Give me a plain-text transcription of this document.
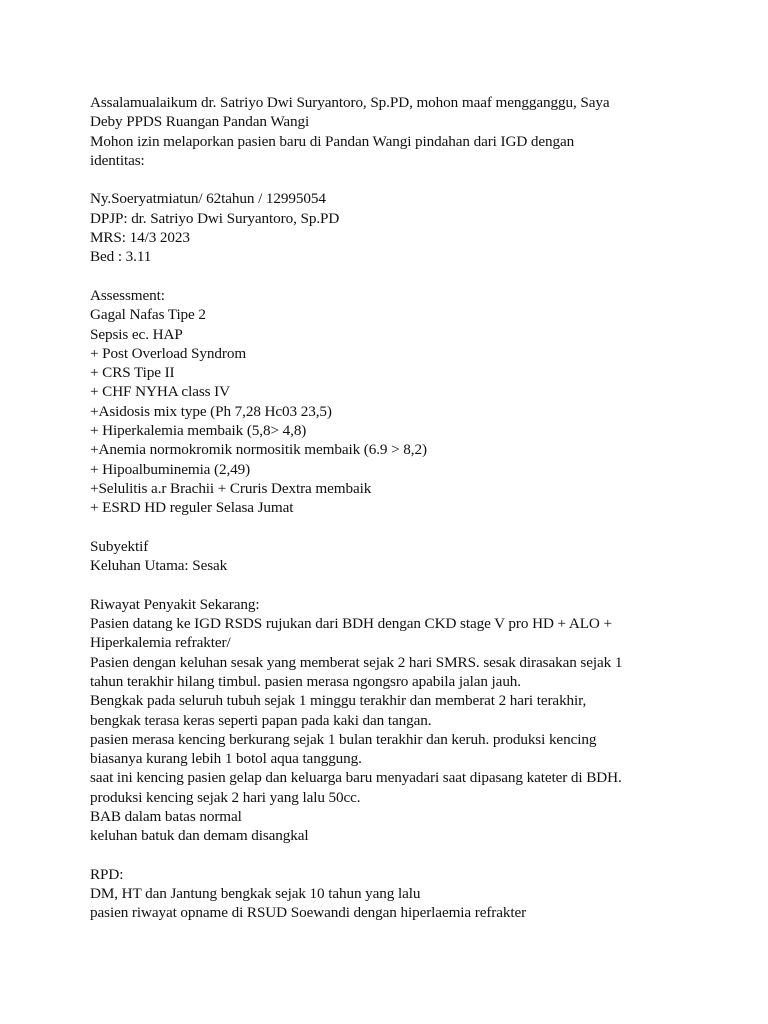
Assalamualaikum dr. Satriyo Dwi Suryantoro, Sp.PD, mohon maaf mengganggu, Saya
Deby PPDS Ruangan Pandan Wangi
Mohon izin melaporkan pasien baru di Pandan Wangi pindahan dari IGD dengan
identitas:
Ny.Soeryatmiatun/ 62tahun / 12995054
DPJP: dr. Satriyo Dwi Suryantoro, Sp.PD
MRS: 14/3 2023
Bed : 3.11
Assessment:
Gagal Nafas Tipe 2
Sepsis ec. HAP
+ Post Overload Syndrom
+ CRS Tipe II
+ CHF NYHA class IV
+Asidosis mix type (Ph 7,28 Hc03 23,5)
+ Hiperkalemia membaik (5,8> 4,8)
+Anemia normokromik normositik membaik (6.9 > 8,2)
+ Hipoalbuminemia (2,49)
+Selulitis a.r Brachii + Cruris Dextra membaik
+ ESRD HD reguler Selasa Jumat
Subyektif
Keluhan Utama: Sesak
Riwayat Penyakit Sekarang:
Pasien datang ke IGD RSDS rujukan dari BDH dengan CKD stage V pro HD + ALO +
Hiperkalemia refrakter/
Pasien dengan keluhan sesak yang memberat sejak 2 hari SMRS. sesak dirasakan sejak 1
tahun terakhir hilang timbul. pasien merasa ngongsro apabila jalan jauh.
Bengkak pada seluruh tubuh sejak 1 minggu terakhir dan memberat 2 hari terakhir,
bengkak terasa keras seperti papan pada kaki dan tangan.
pasien merasa kencing berkurang sejak 1 bulan terakhir dan keruh. produksi kencing
biasanya kurang lebih 1 botol aqua tanggung.
saat ini kencing pasien gelap dan keluarga baru menyadari saat dipasang kateter di BDH.
produksi kencing sejak 2 hari yang lalu 50cc.
BAB dalam batas normal
keluhan batuk dan demam disangkal
RPD:
DM, HT dan Jantung bengkak sejak 10 tahun yang lalu
pasien riwayat opname di RSUD Soewandi dengan hiperlaemia refrakter
